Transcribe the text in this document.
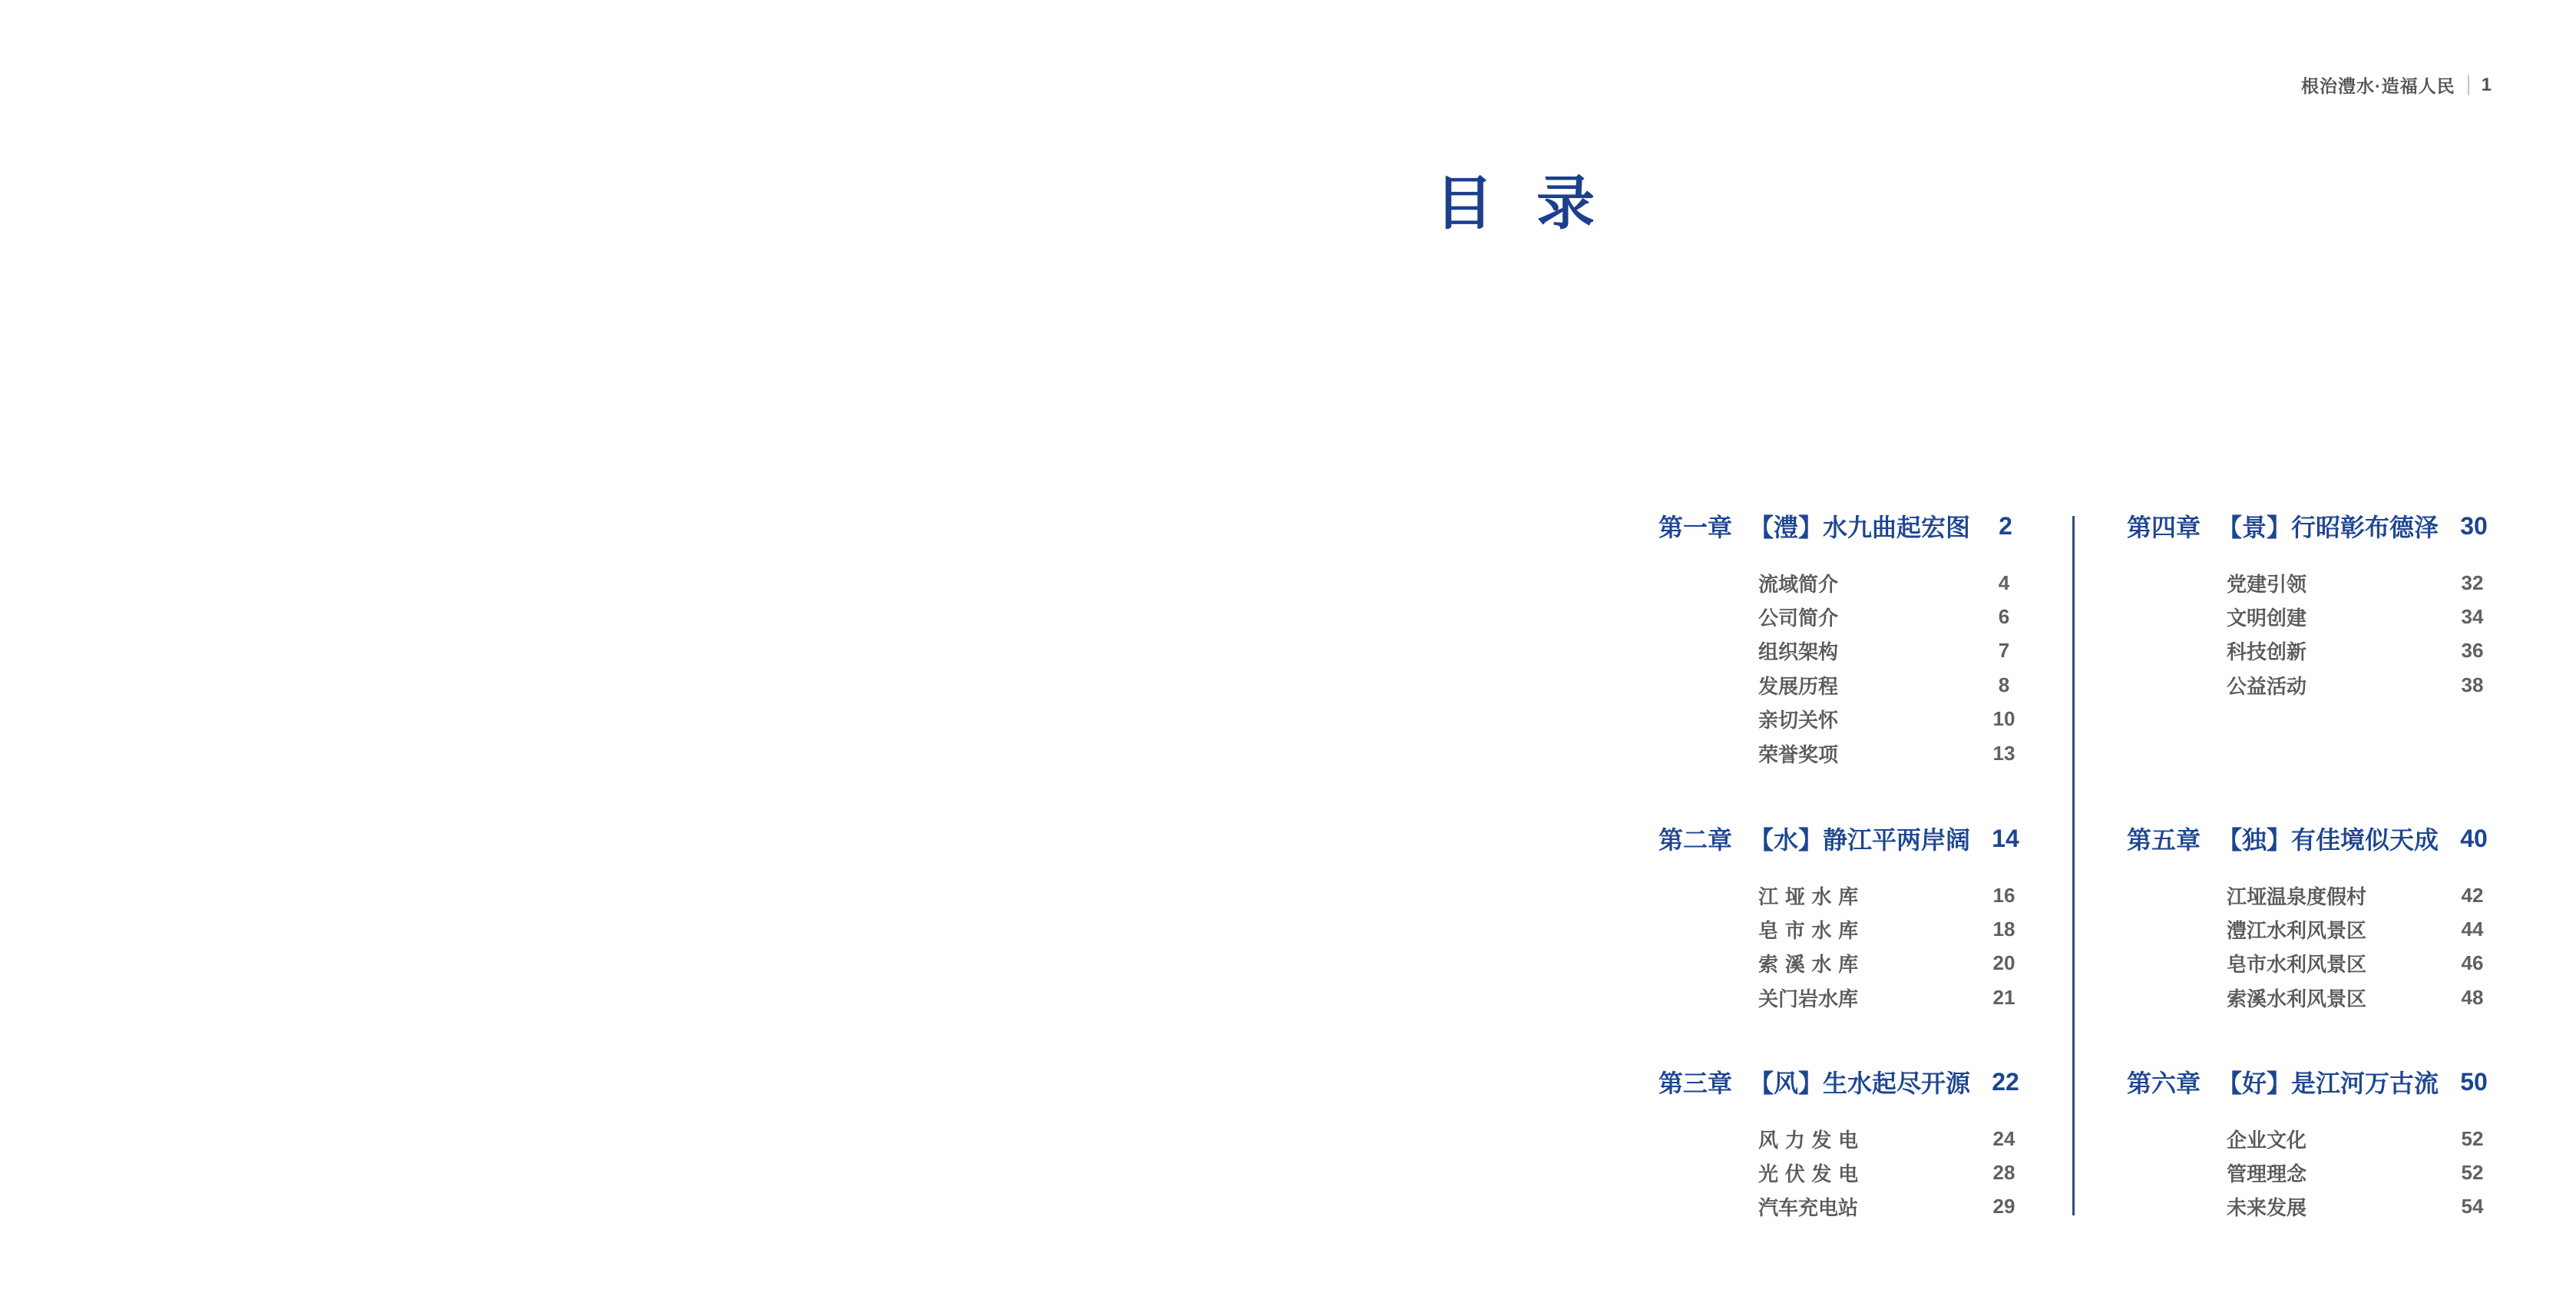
根治澧水·造福人民 1
目录
第一章 【澧】水九曲起宏图	2
流域简介	4
公司简介	6
组织架构	7
发展历程	8
亲切关怀	10
荣誉奖项	13
第二章 【水】静江平两岸阔 14
江垭水库	16
皂市水库	18
索溪水库	20
关门岩水库	21
第三章 【风】生水起尽开源 22
风力发电	24
光伏发电	28
汽车充电站	29
第四章 【景】行昭彰布德泽 30
党建引领	32
文明创建	34
科技创新	36
公益活动	38
第五章 【独】有佳境似天成 40
江垭温泉度假村	42
澧江水利风景区	44
皂市水利风景区	46
索溪水利风景区	48
第六章 【好】是江河万古流 50
企业文化	52
管理理念	52
未来发展	54
